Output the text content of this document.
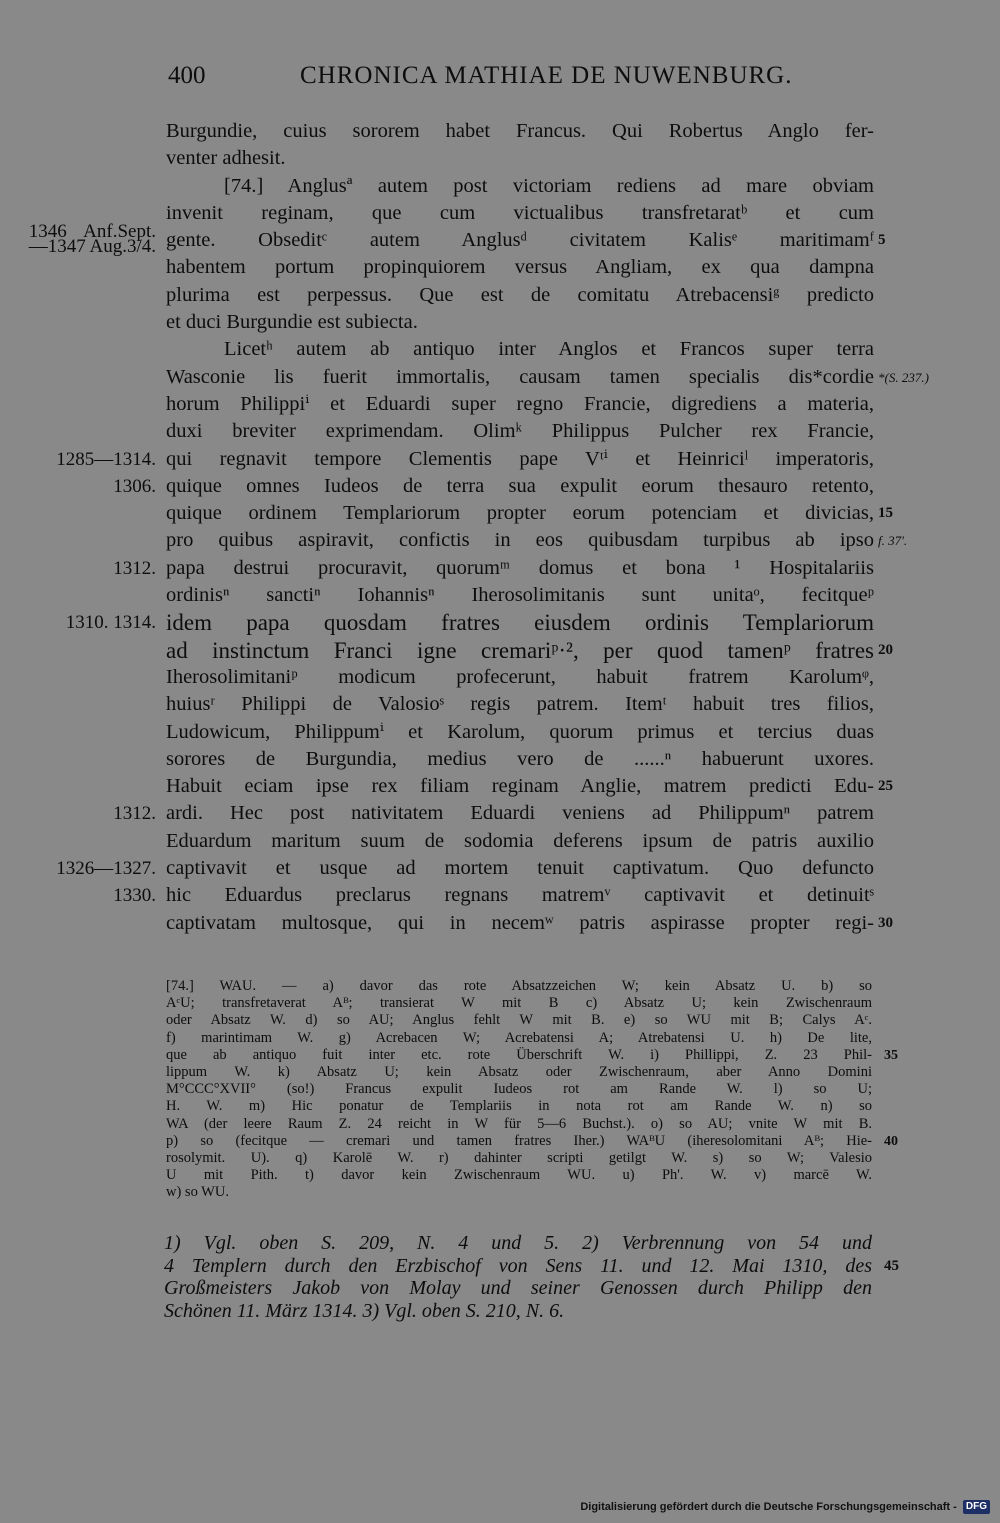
400	CHRONICA MATHIAE DE NUWENBURG.
Burgundie, cuius sororem habet Francus. Qui Robertus Anglo fer-
venter adhesit.
[74.] Anglusª autem post victoriam rediens ad mare obviam
invenit reginam, que cum victualibus transfretaratᵇ et cum
gente. Obseditᶜ autem Anglusᵈ civitatem Kalisᵉ maritimamᶠ
1346 Anf.Sept.
—1347 Aug.3/4.	5
habentem portum propinquiorem versus Angliam, ex qua dampna
plurima est perpessus. Que est de comitatu Atrebacensiᵍ predicto
et duci Burgundie est subiecta.
Licetʰ autem ab antiquo inter Anglos et Francos super terra
Wasconie lis fuerit immortalis, causam tamen specialis dis*cordie *(S. 237.)
horum Philippiⁱ et Eduardi super regno Francie, digrediens a materia,
duxi breviter exprimendam. Olimᵏ Philippus Pulcher rex Francie,
qui regnavit tempore Clementis pape Vᵗⁱ et Heinriciˡ imperatoris,
1285—1314.
quique omnes Iudeos de terra sua expulit eorum thesauro retento,
1306.
quique ordinem Templariorum propter eorum potenciam et divicias, 15
pro quibus aspiravit, confictis in eos quibusdam turpibus ab ipso f. 37'.
papa destrui procuravit, quorumᵐ domus et bona ¹ Hospitalariis
1312.
ordinisⁿ sanctiⁿ Iohannisⁿ Iherosolimitanis sunt unitaᵒ, fecitqueᵖ
idem papa quosdam fratres eiusdem ordinis Templariorum
1310. 1314.
ad instinctum Franci igne cremariᵖ·², per quod tamenᵖ fratres 20
Iherosolimitaniᵖ modicum profecerunt, habuit fratrem Karolumᵠ,
huiusʳ Philippi de Valosioˢ regis patrem. Itemᵗ habuit tres filios,
Ludowicum, Philippumⁱ et Karolum, quorum primus et tercius duas
sorores de Burgundia, medius vero de ......ⁿ habuerunt uxores.
Habuit eciam ipse rex filiam reginam Anglie, matrem predicti Edu- 25
ardi. Hec post nativitatem Eduardi veniens ad Philippumⁿ patrem
1312.
Eduardum maritum suum de sodomia deferens ipsum de patris auxilio
captivavit et usque ad mortem tenuit captivatum. Quo defuncto
1326—1327.
hic Eduardus preclarus regnans matremᵛ captivavit et detinuitˢ
1330.
captivatam multosque, qui in necemʷ patris aspirasse propter regi- 30
[74.] WAU. — a) davor das rote Absatzzeichen W; kein Absatz U. b) so
AᶜU; transfretaverat Aᴮ; transierat W mit B c) Absatz U; kein Zwischenraum
oder Absatz W. d) so AU; Anglus fehlt W mit B. e) so WU mit B; Calys Aᶜ.
f) marintimam W. g) Acrebacen W; Acrebatensi A; Atrebatensi U. h) De lite,
que ab antiquo fuit inter etc. rote Überschrift W. i) Phillippi, Z. 23 Phil- 35
lippum W. k) Absatz U; kein Absatz oder Zwischenraum, aber Anno Domini
M°CCC°XVII° (so!) Francus expulit Iudeos rot am Rande W. l) so U;
H. W. m) Hic ponatur de Templariis in nota rot am Rande W. n) so
WA (der leere Raum Z. 24 reicht in W für 5—6 Buchst.). o) so AU; vnite W mit B.
p) so (fecitque — cremari und tamen fratres Iher.) WAᴮU (iheresolomitani Aᴮ; Hie- 40
rosolymit. U). q) Karolē W. r) dahinter scripti getilgt W. s) so W; Valesio
U mit Pith. t) davor kein Zwischenraum WU. u) Ph'. W. v) marcē W.
w) so WU.
1) Vgl. oben S. 209, N. 4 und 5. 2) Verbrennung von 54 und
4 Templern durch den Erzbischof von Sens 11. und 12. Mai 1310, des 45
Großmeisters Jakob von Molay und seiner Genossen durch Philipp den
Schönen 11. März 1314. 3) Vgl. oben S. 210, N. 6.
Digitalisierung gefördert durch die Deutsche Forschungsgemeinschaft - DFG
